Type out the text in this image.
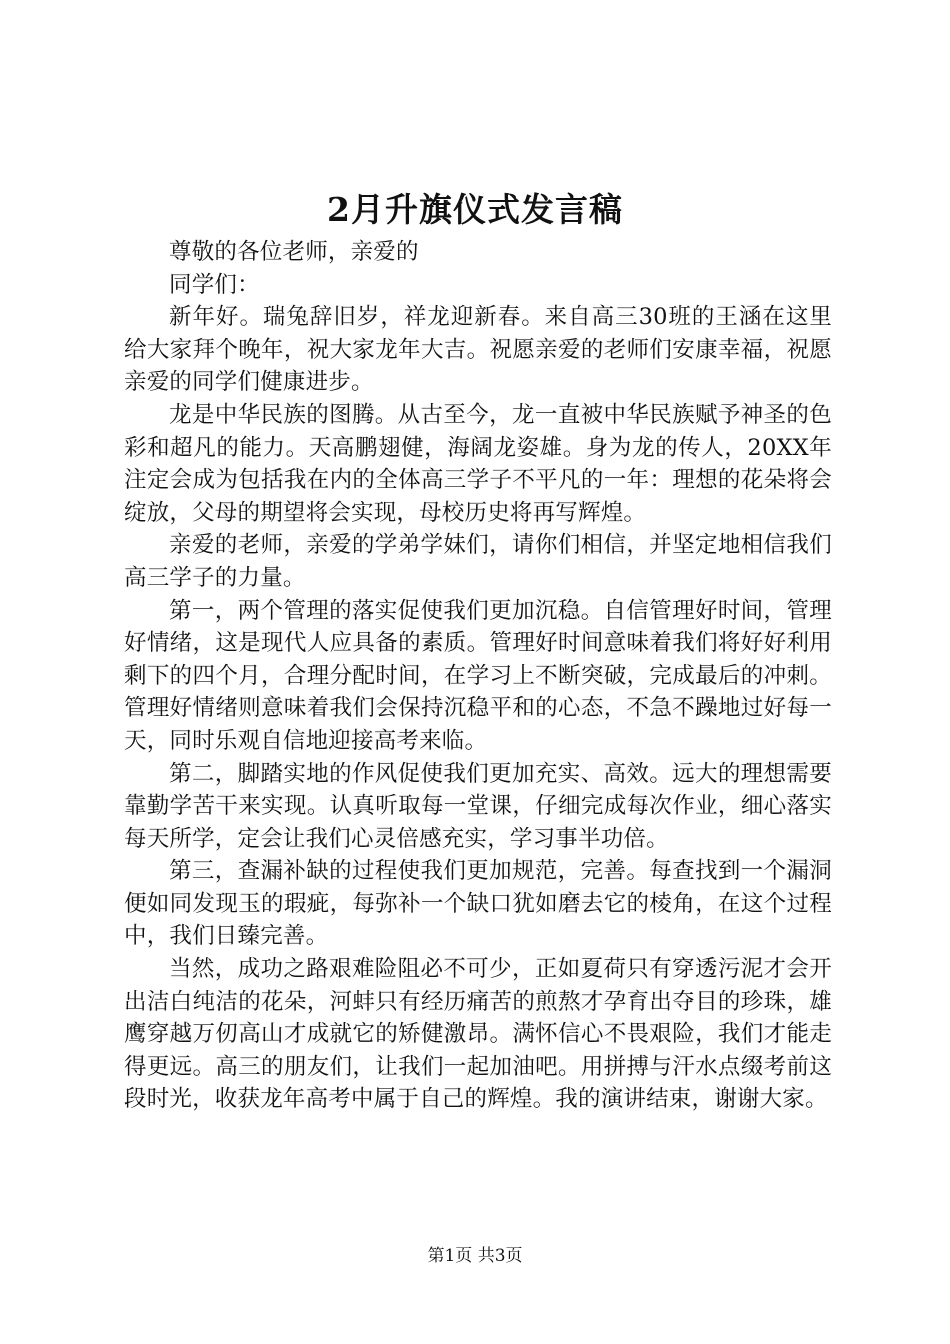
2月升旗仪式发言稿

尊敬的各位老师，亲爱的

同学们：

新年好。瑞兔辞旧岁，祥龙迎新春。来自高三30班的王涵在这里给大家拜个晚年，祝大家龙年大吉。祝愿亲爱的老师们安康幸福，祝愿亲爱的同学们健康进步。

龙是中华民族的图腾。从古至今，龙一直被中华民族赋予神圣的色彩和超凡的能力。天高鹏翅健，海阔龙姿雄。身为龙的传人，20XX年注定会成为包括我在内的全体高三学子不平凡的一年：理想的花朵将会绽放，父母的期望将会实现，母校历史将再写辉煌。

亲爱的老师，亲爱的学弟学妹们，请你们相信，并坚定地相信我们高三学子的力量。

第一，两个管理的落实促使我们更加沉稳。自信管理好时间，管理好情绪，这是现代人应具备的素质。管理好时间意味着我们将好好利用剩下的四个月，合理分配时间，在学习上不断突破，完成最后的冲刺。管理好情绪则意味着我们会保持沉稳平和的心态，不急不躁地过好每一天，同时乐观自信地迎接高考来临。

第二，脚踏实地的作风促使我们更加充实、高效。远大的理想需要靠勤学苦干来实现。认真听取每一堂课，仔细完成每次作业，细心落实每天所学，定会让我们心灵倍感充实，学习事半功倍。

第三，查漏补缺的过程使我们更加规范，完善。每查找到一个漏洞便如同发现玉的瑕疵，每弥补一个缺口犹如磨去它的棱角，在这个过程中，我们日臻完善。

当然，成功之路艰难险阻必不可少，正如夏荷只有穿透污泥才会开出洁白纯洁的花朵，河蚌只有经历痛苦的煎熬才孕育出夺目的珍珠，雄鹰穿越万仞高山才成就它的矫健激昂。满怀信心不畏艰险，我们才能走得更远。高三的朋友们，让我们一起加油吧。用拼搏与汗水点缀考前这段时光，收获龙年高考中属于自己的辉煌。我的演讲结束，谢谢大家。

第1页 共3页
